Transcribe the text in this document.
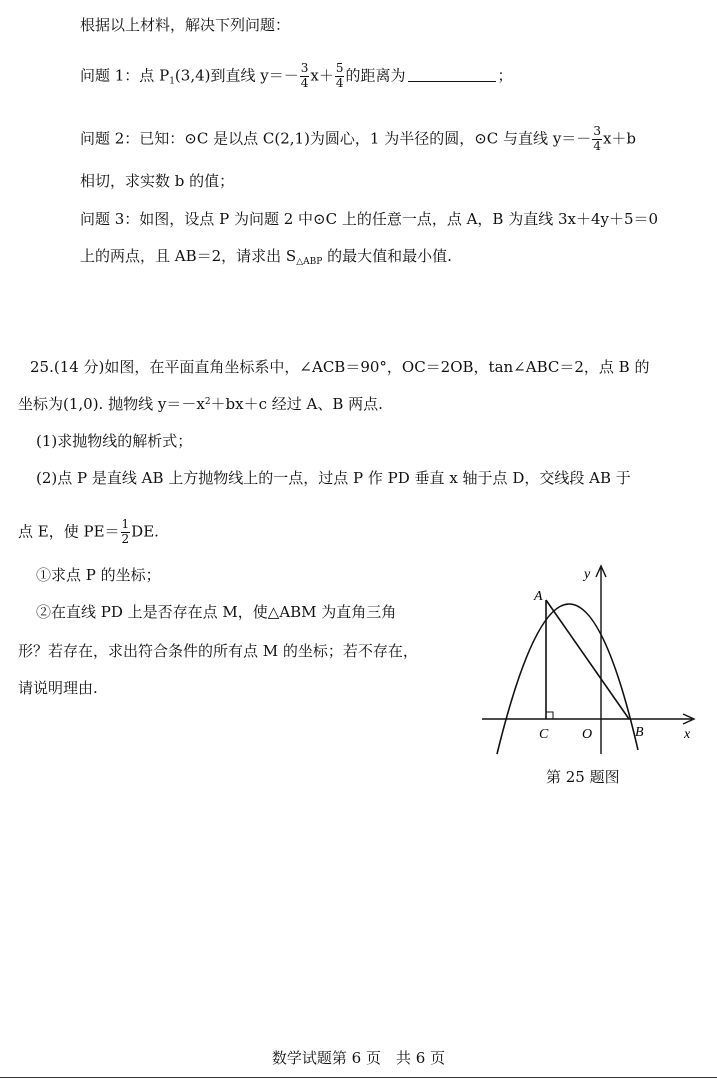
根据以上材料，解决下列问题：
问题 1：点 $P_1(3,4)$到直线 $y=- \frac{3}{4} x+ \frac{5}{4}$ 的距离为	；
问题 2：已知：⊙C 是以点 C(2,1)为圆心，1 为半径的圆，⊙C 与直线 $y=- \frac{3}{4} x+b$
相切，求实数 b 的值；
问题 3：如图，设点 P 为问题 2 中⊙C 上的任意一点，点 A，B 为直线 3x＋4y＋5＝0
上的两点，且 AB＝2，请求出 $S_{\triangle ABP}$ 的最大值和最小值.
25.(14 分)如图，在平面直角坐标系中，∠ACB＝90°，OC＝2OB，tan∠ABC＝2，点 B 的
坐标为(1,0). 抛物线 $y=-x^2+bx+c$ 经过 A、B 两点.
(1)求抛物线的解析式；
(2)点 P 是直线 AB 上方抛物线上的一点，过点 P 作 PD 垂直 x 轴于点 D，交线段 AB 于
点 E，使 $PE= \frac{1}{2}$ DE.
①求点 P 的坐标；
②在直线 PD 上是否存在点 M，使△ABM 为直角三角
形？若存在，求出符合条件的所有点 M 的坐标；若不存在，
请说明理由.
A
C O	B	x
y
第 25 题图
数学试题第 6 页　共 6 页
